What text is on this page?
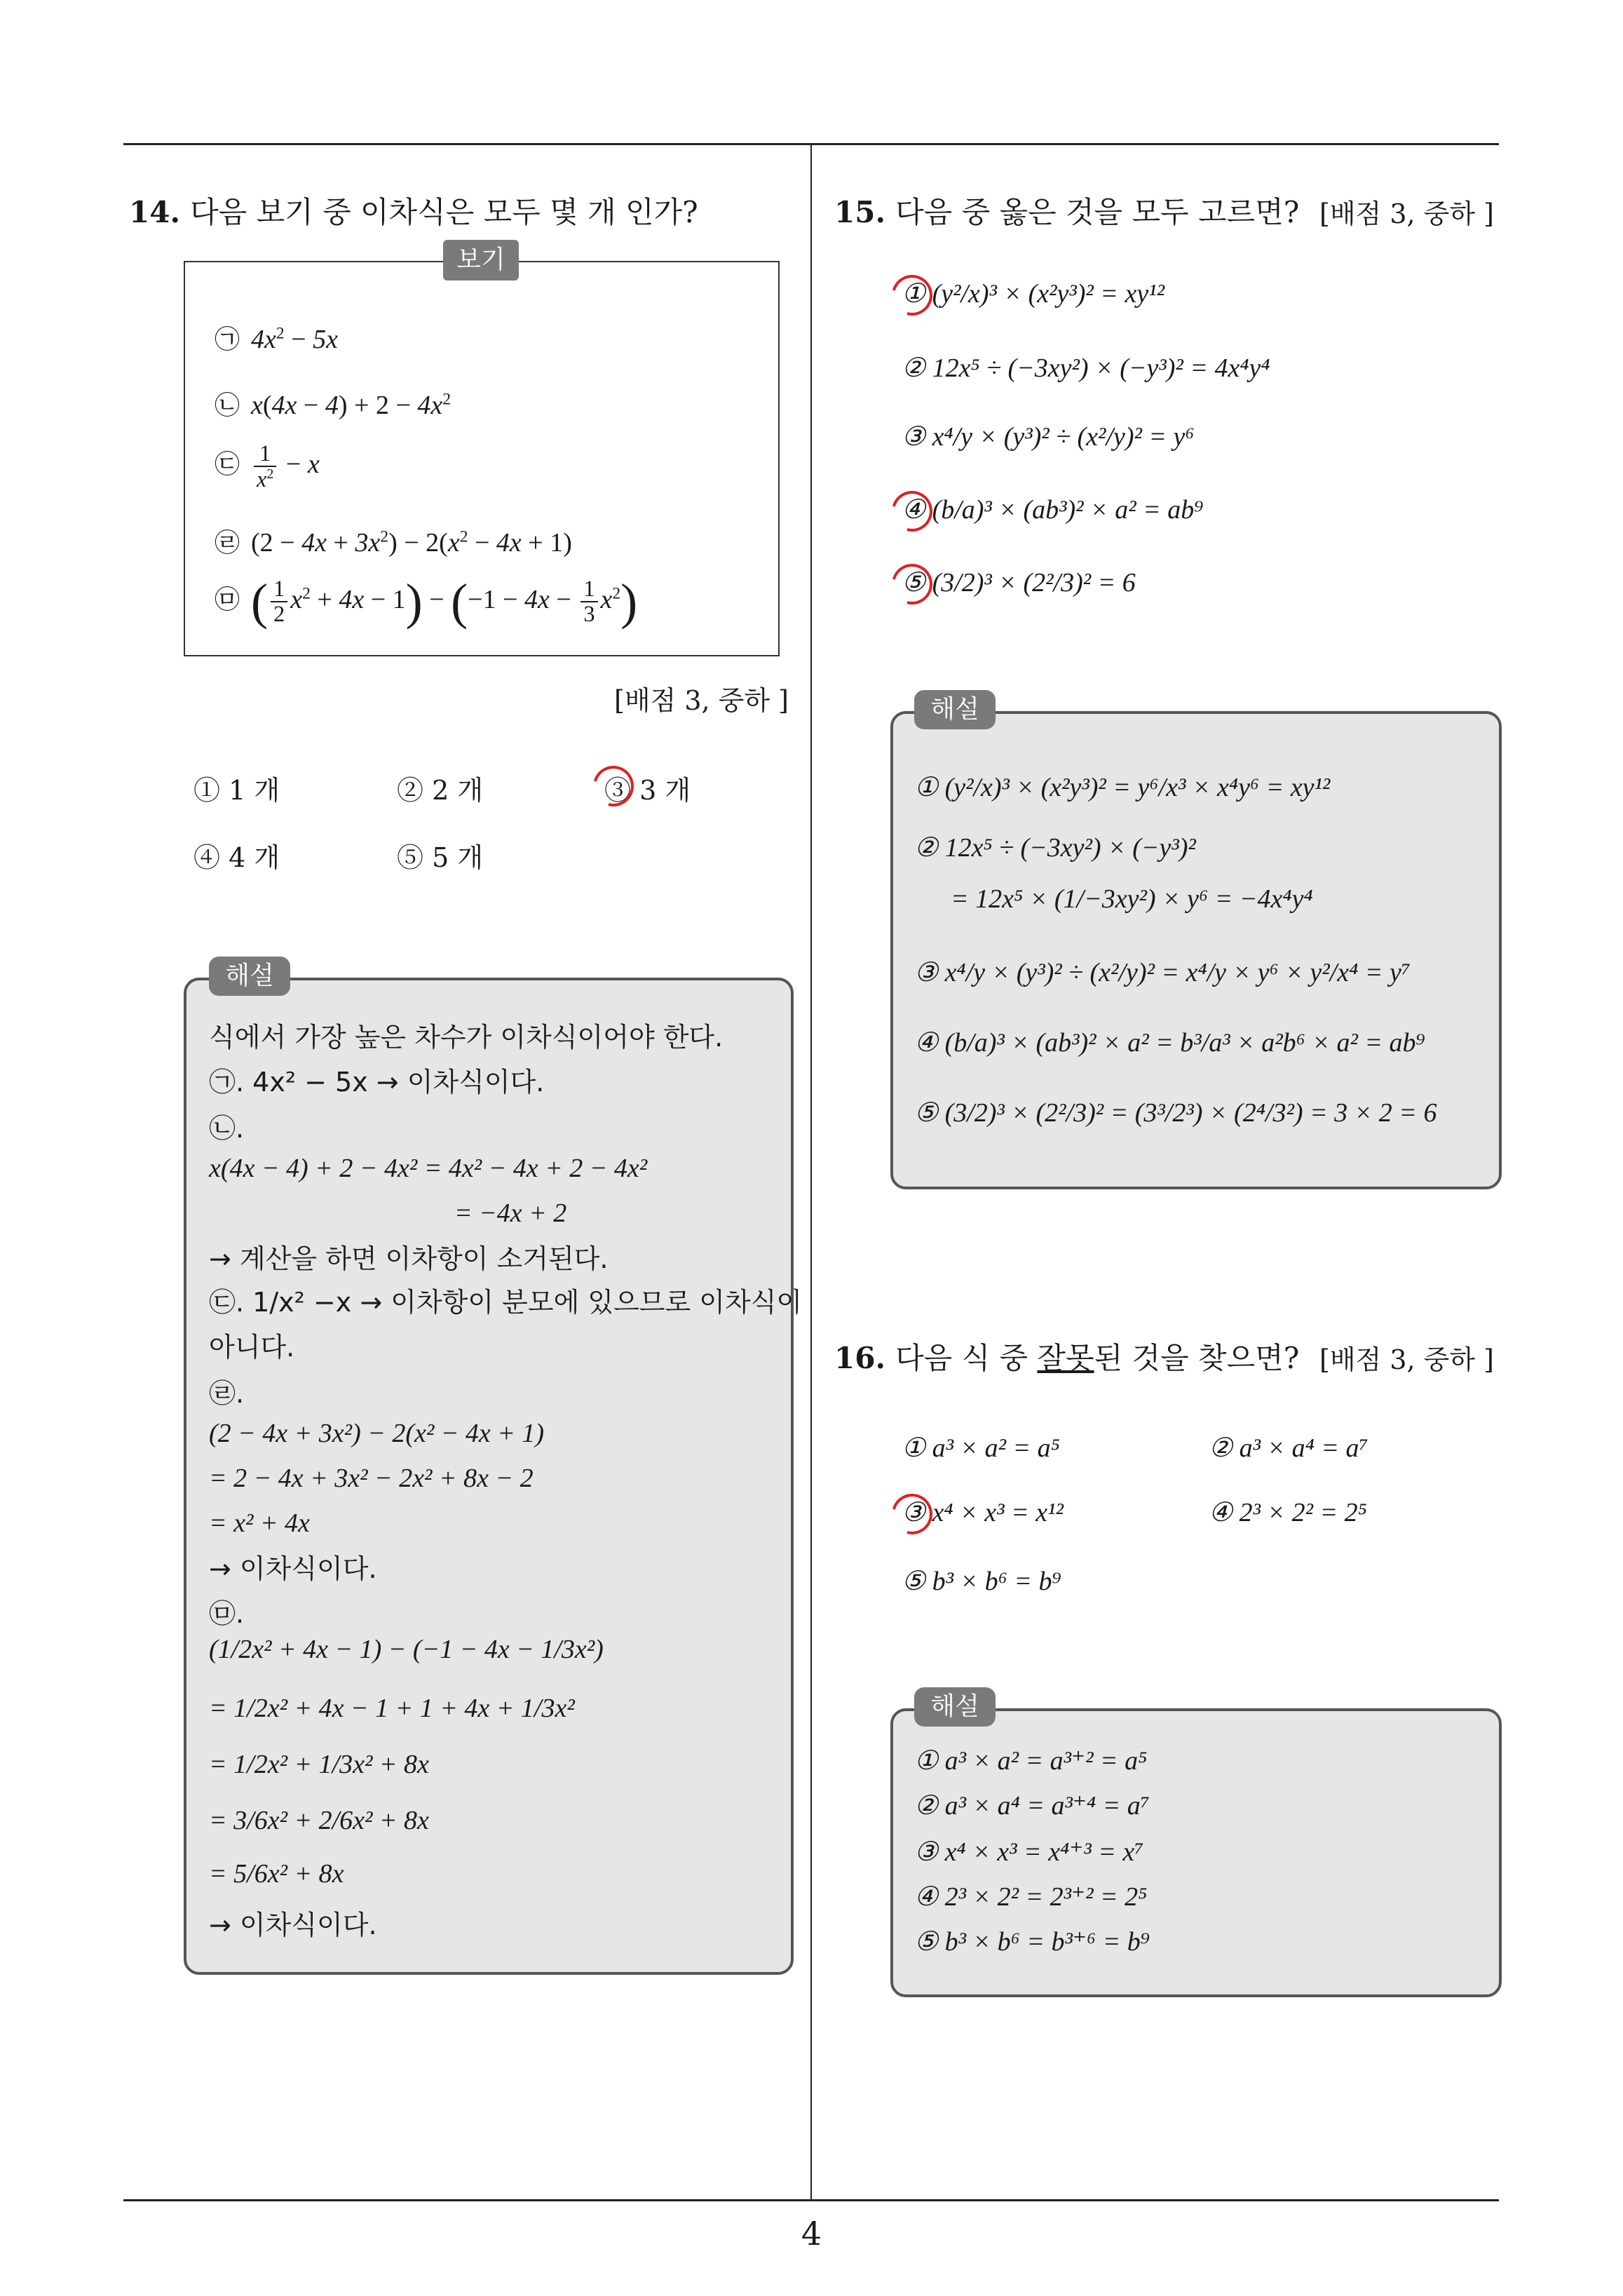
14. 다음 보기 중 이차식은 모두 몇 개 인가?
보기
㉠ $4x^2 - 5x$
㉡ $x(4x - 4) + 2 - 4x^2$
㉢ $\frac{1}{x^2} - x$
㉣ $(2 - 4x + 3x^2) - 2(x^2 - 4x + 1)$
㉤ ( $\frac{1}{2} x^2 + 4x - 1) - (-1 - 4x - \frac{1}{3} x^2)$
[배점 3, 중하 ]
① 1 개	② 2 개	③ 3 개
④ 4 개	⑤ 5 개
해설
식에서 가장 높은 차수가 이차식이어야 한다.
㉠. 4x² − 5x → 이차식이다.
㉡.
x(4x − 4) + 2 − 4x² = 4x² − 4x + 2 − 4x²
= −4x + 2
→ 계산을 하면 이차항이 소거된다.
㉢. 1/x² −x → 이차항이 분모에 있으므로 이차식이
아니다.
㉣.
(2 − 4x + 3x²) − 2(x² − 4x + 1)
= 2 − 4x + 3x² − 2x² + 8x − 2
= x² + 4x
→ 이차식이다.
㉤.
(1/2x² + 4x − 1) − (−1 − 4x − 1/3x²)
= 1/2x² + 4x − 1 + 1 + 4x + 1/3x²
= 1/2x² + 1/3x² + 8x
= 3/6x² + 2/6x² + 8x
= 5/6x² + 8x
→ 이차식이다.
15. 다음 중 옳은 것을 모두 고르면? [배점 3, 중하 ]
① (y²/x)³ × (x²y³)² = xy¹²
② 12x⁵ ÷ (−3xy²) × (−y³)² = 4x⁴y⁴
③ x⁴/y × (y³)² ÷ (x²/y)² = y⁶
④ (b/a)³ × (ab³)² × a² = ab⁹
⑤ (3/2)³ × (2²/3)² = 6
해설
① (y²/x)³ × (x²y³)² = y⁶/x³ × x⁴y⁶ = xy¹²
② 12x⁵ ÷ (−3xy²) × (−y³)²
= 12x⁵ × (1/−3xy²) × y⁶ = −4x⁴y⁴
③ x⁴/y × (y³)² ÷ (x²/y)² = x⁴/y × y⁶ × y²/x⁴ = y⁷
④ (b/a)³ × (ab³)² × a² = b³/a³ × a²b⁶ × a² = ab⁹
⑤ (3/2)³ × (2²/3)² = (3³/2³) × (2⁴/3²) = 3 × 2 = 6
16. 다음 식 중 잘못된 것을 찾으면? [배점 3, 중하 ]
① a³ × a² = a⁵	② a³ × a⁴ = a⁷
③ x⁴ × x³ = x¹²	④ 2³ × 2² = 2⁵
⑤ b³ × b⁶ = b⁹
해설
① a³ × a² = a³⁺² = a⁵
② a³ × a⁴ = a³⁺⁴ = a⁷
③ x⁴ × x³ = x⁴⁺³ = x⁷
④ 2³ × 2² = 2³⁺² = 2⁵
⑤ b³ × b⁶ = b³⁺⁶ = b⁹
4
